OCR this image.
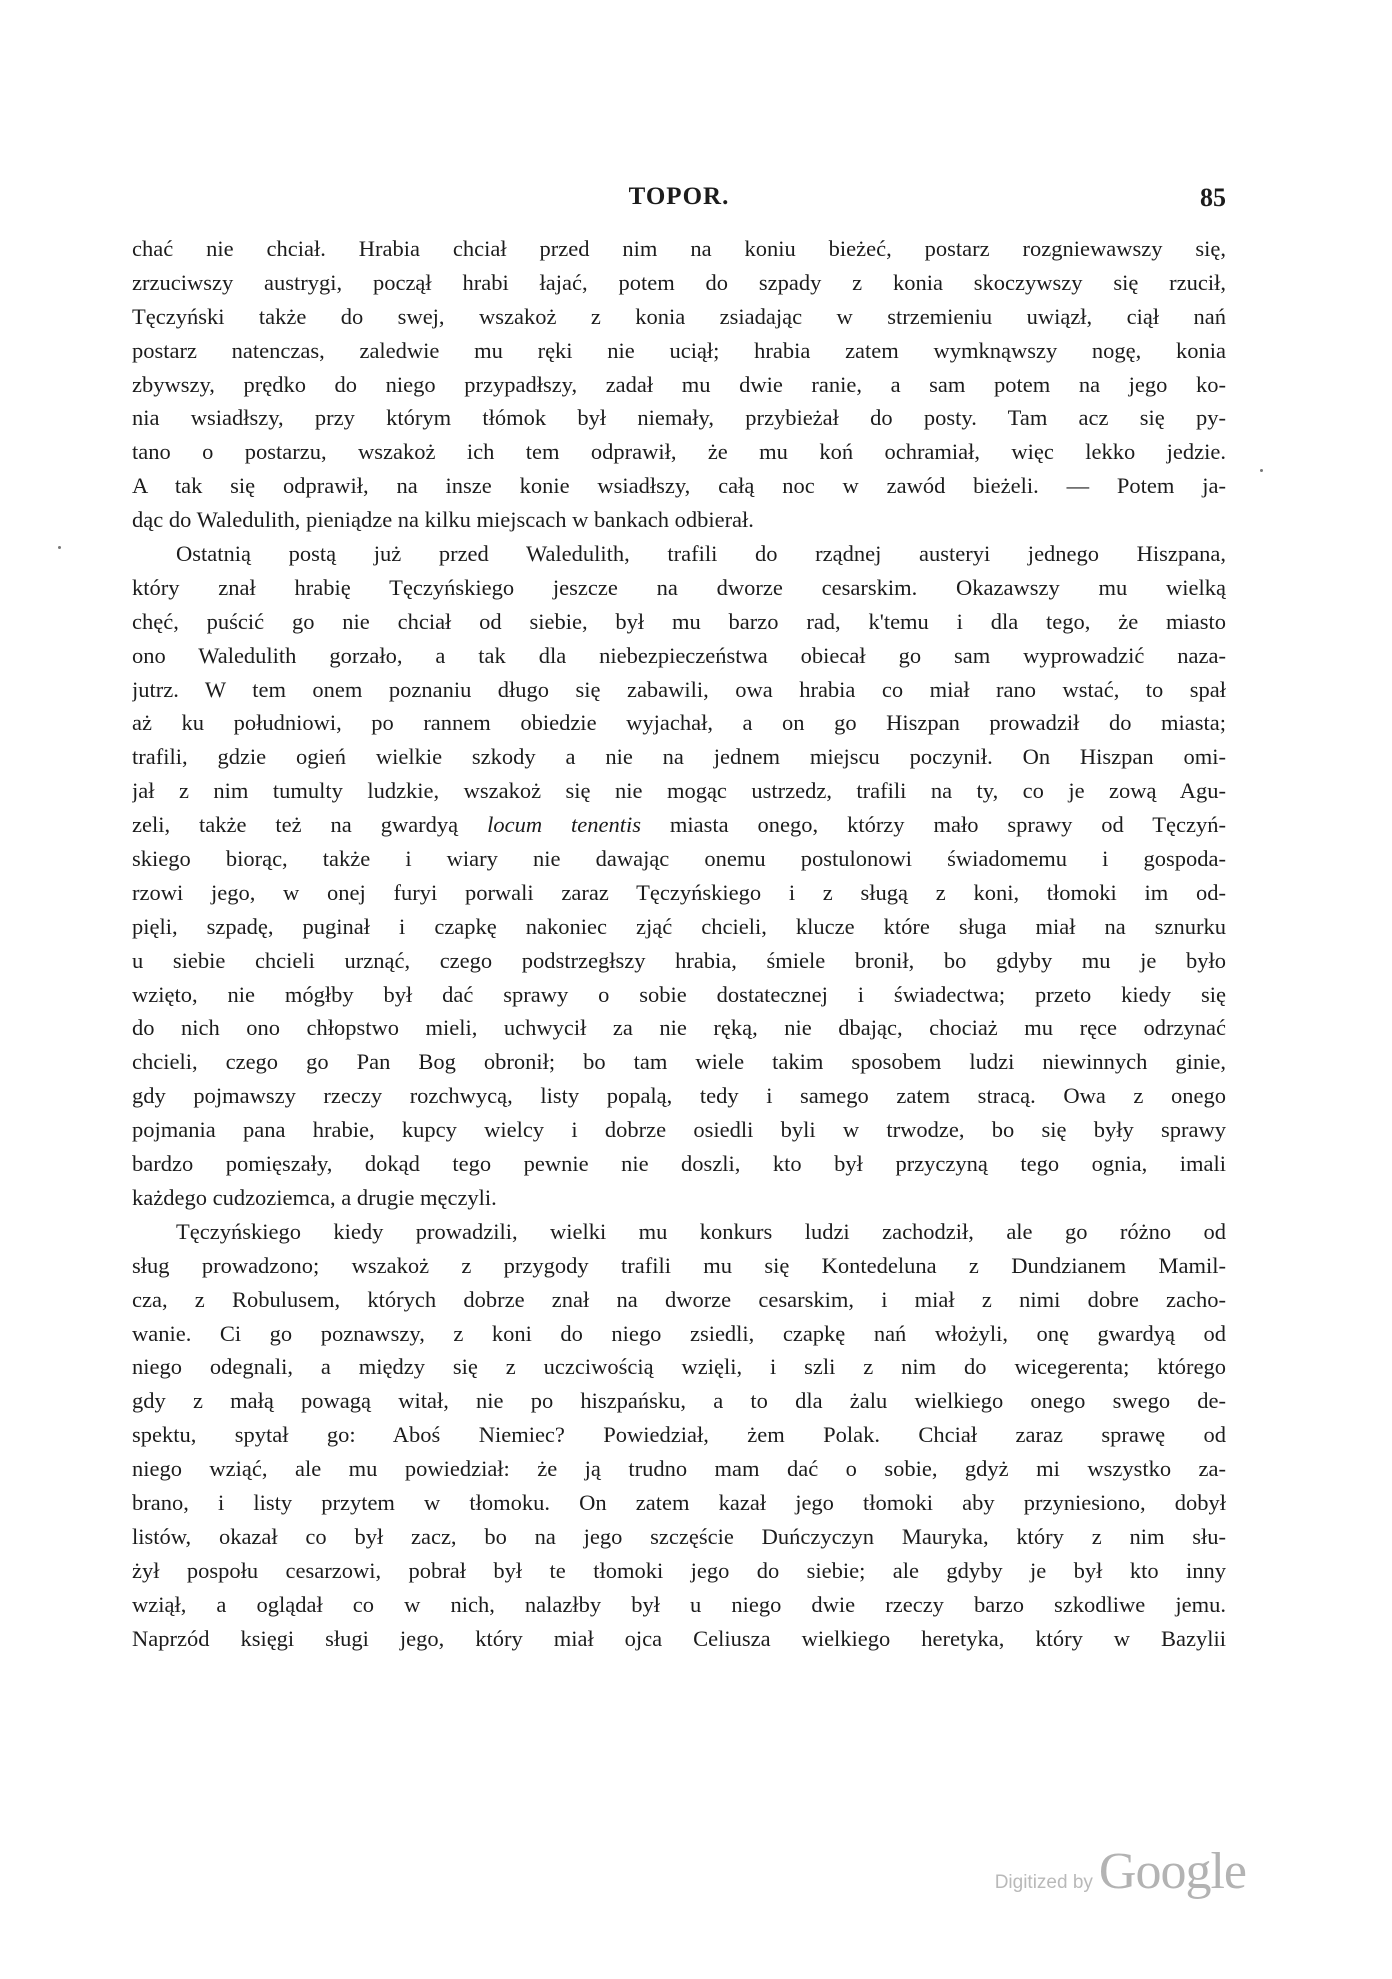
TOPOR.	85
chać nie chciał. Hrabia chciał przed nim na koniu bieżeć, postarz rozgniewawszy się,
zrzuciwszy austrygi, począł hrabi łajać, potem do szpady z konia skoczywszy się rzucił,
Tęczyński także do swej, wszakoż z konia zsiadając w strzemieniu uwiązł, ciął nań
postarz natenczas, zaledwie mu ręki nie uciął; hrabia zatem wymknąwszy nogę, konia
zbywszy, prędko do niego przypadłszy, zadał mu dwie ranie, a sam potem na jego ko-
nia wsiadłszy, przy którym tłómok był niemały, przybieżał do posty. Tam acz się py-
tano o postarzu, wszakoż ich tem odprawił, że mu koń ochramiał, więc lekko jedzie.
A tak się odprawił, na insze konie wsiadłszy, całą noc w zawód bieżeli. — Potem ja-
dąc do Waledulith, pieniądze na kilku miejscach w bankach odbierał.
Ostatnią postą już przed Waledulith, trafili do rządnej austeryi jednego Hiszpana,
który znał hrabię Tęczyńskiego jeszcze na dworze cesarskim. Okazawszy mu wielką
chęć, puścić go nie chciał od siebie, był mu barzo rad, k'temu i dla tego, że miasto
ono Waledulith gorzało, a tak dla niebezpieczeństwa obiecał go sam wyprowadzić naza-
jutrz. W tem onem poznaniu długo się zabawili, owa hrabia co miał rano wstać, to spał
aż ku południowi, po rannem obiedzie wyjachał, a on go Hiszpan prowadził do miasta;
trafili, gdzie ogień wielkie szkody a nie na jednem miejscu poczynił. On Hiszpan omi-
jał z nim tumulty ludzkie, wszakoż się nie mogąc ustrzedz, trafili na ty, co je zową Agu-
zeli, także też na gwardyą locum tenentis miasta onego, którzy mało sprawy od Tęczyń-
skiego biorąc, także i wiary nie dawając onemu postulonowi świadomemu i gospoda-
rzowi jego, w onej furyi porwali zaraz Tęczyńskiego i z sługą z koni, tłomoki im od-
pięli, szpadę, puginał i czapkę nakoniec zjąć chcieli, klucze które sługa miał na sznurku
u siebie chcieli urznąć, czego podstrzegłszy hrabia, śmiele bronił, bo gdyby mu je było
wzięto, nie mógłby był dać sprawy o sobie dostatecznej i świadectwa; przeto kiedy się
do nich ono chłopstwo mieli, uchwycił za nie ręką, nie dbając, chociaż mu ręce odrzynać
chcieli, czego go Pan Bog obronił; bo tam wiele takim sposobem ludzi niewinnych ginie,
gdy pojmawszy rzeczy rozchwycą, listy popalą, tedy i samego zatem stracą. Owa z onego
pojmania pana hrabie, kupcy wielcy i dobrze osiedli byli w trwodze, bo się były sprawy
bardzo pomięszały, dokąd tego pewnie nie doszli, kto był przyczyną tego ognia, imali
każdego cudzoziemca, a drugie męczyli.
Tęczyńskiego kiedy prowadzili, wielki mu konkurs ludzi zachodził, ale go różno od
sług prowadzono; wszakoż z przygody trafili mu się Kontedeluna z Dundzianem Mamil-
cza, z Robulusem, których dobrze znał na dworze cesarskim, i miał z nimi dobre zacho-
wanie. Ci go poznawszy, z koni do niego zsiedli, czapkę nań włożyli, onę gwardyą od
niego odegnali, a między się z uczciwością wzięli, i szli z nim do wicegerenta; którego
gdy z małą powagą witał, nie po hiszpańsku, a to dla żalu wielkiego onego swego de-
spektu, spytał go: Aboś Niemiec? Powiedział, żem Polak. Chciał zaraz sprawę od
niego wziąć, ale mu powiedział: że ją trudno mam dać o sobie, gdyż mi wszystko za-
brano, i listy przytem w tłomoku. On zatem kazał jego tłomoki aby przyniesiono, dobył
listów, okazał co był zacz, bo na jego szczęście Duńczyczyn Mauryka, który z nim słu-
żył pospołu cesarzowi, pobrał był te tłomoki jego do siebie; ale gdyby je był kto inny
wziął, a oglądał co w nich, nalazłby był u niego dwie rzeczy barzo szkodliwe jemu.
Naprzód księgi sługi jego, który miał ojca Celiusza wielkiego heretyka, który w Bazylii
Digitized by Google
